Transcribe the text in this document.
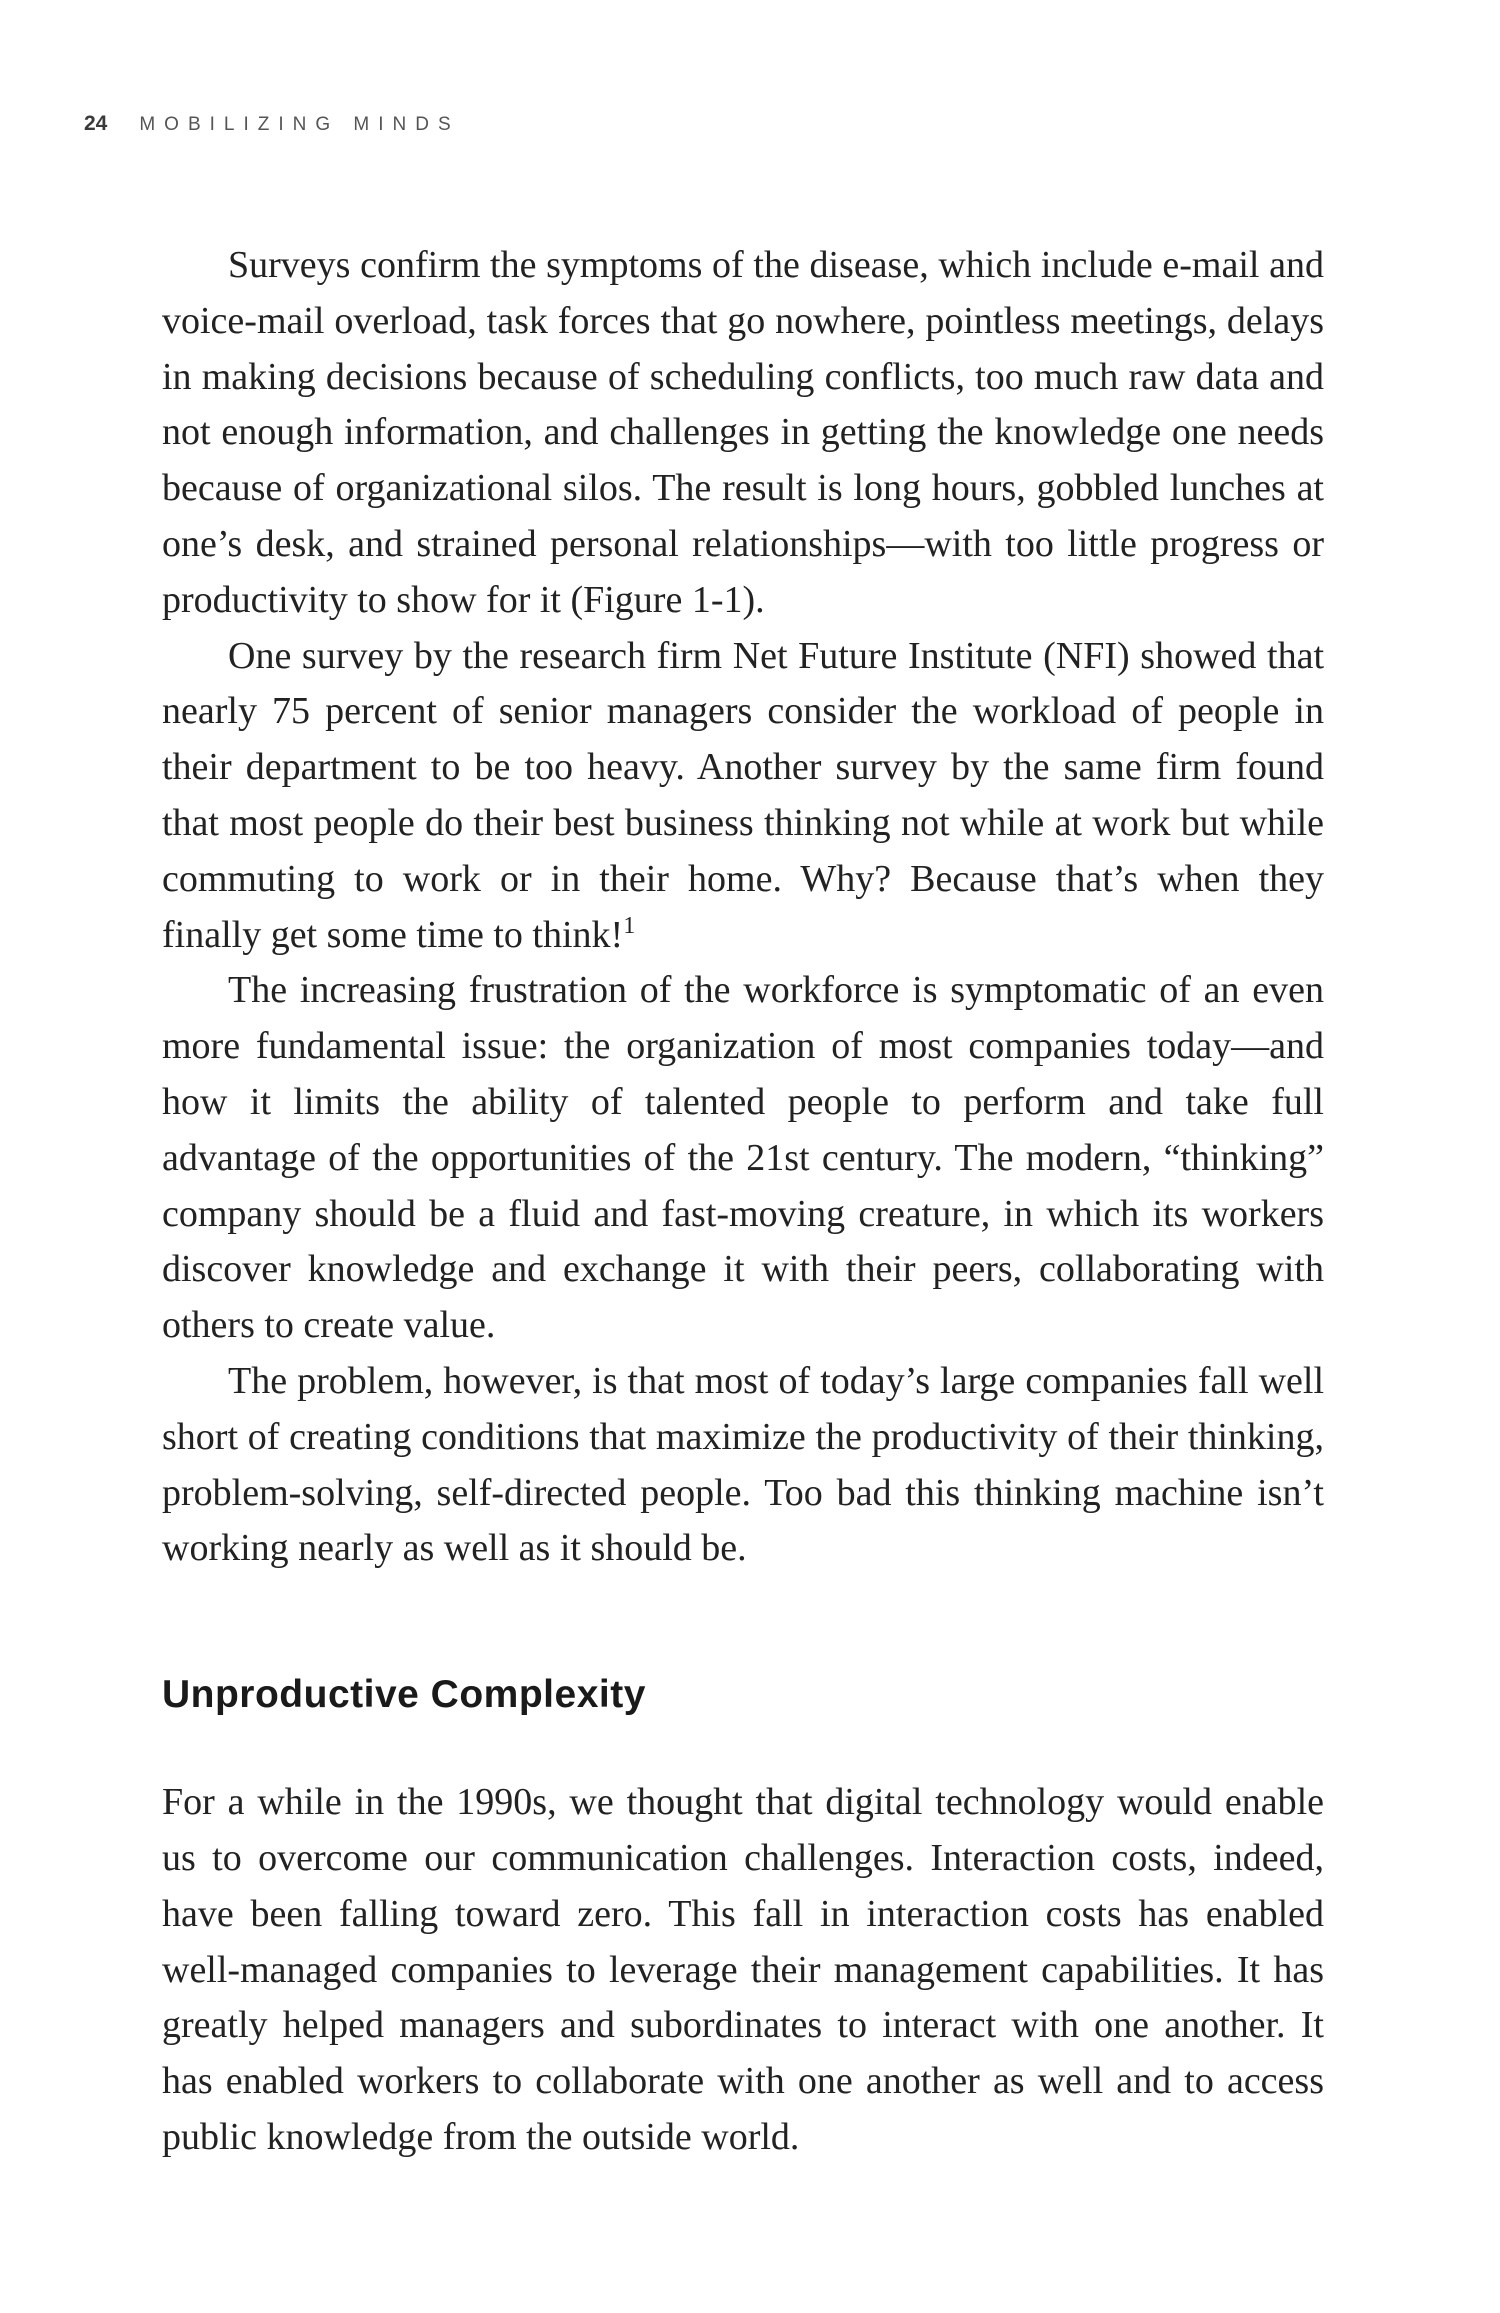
24 MOBILIZING MINDS

Surveys confirm the symptoms of the disease, which include e-mail and voice-mail overload, task forces that go nowhere, pointless meetings, delays in making decisions because of scheduling conflicts, too much raw data and not enough information, and challenges in getting the knowledge one needs because of organizational silos. The result is long hours, gobbled lunches at one’s desk, and strained personal relationships—with too little progress or productivity to show for it (Figure 1-1).

One survey by the research firm Net Future Institute (NFI) showed that nearly 75 percent of senior managers consider the workload of people in their department to be too heavy. Another survey by the same firm found that most people do their best business thinking not while at work but while commuting to work or in their home. Why? Because that’s when they finally get some time to think!$^1$

The increasing frustration of the workforce is symptomatic of an even more fundamental issue: the organization of most companies today—and how it limits the ability of talented people to perform and take full advantage of the opportunities of the 21st century. The modern, “thinking” company should be a fluid and fast-moving creature, in which its workers discover knowledge and exchange it with their peers, collaborating with others to create value.

The problem, however, is that most of today’s large companies fall well short of creating conditions that maximize the productivity of their thinking, problem-solving, self-directed people. Too bad this thinking machine isn’t working nearly as well as it should be.

Unproductive Complexity

For a while in the 1990s, we thought that digital technology would enable us to overcome our communication challenges. Interaction costs, indeed, have been falling toward zero. This fall in interaction costs has enabled well-managed companies to leverage their management capabilities. It has greatly helped managers and subordinates to interact with one another. It has enabled workers to collaborate with one another as well and to access public knowledge from the outside world.
